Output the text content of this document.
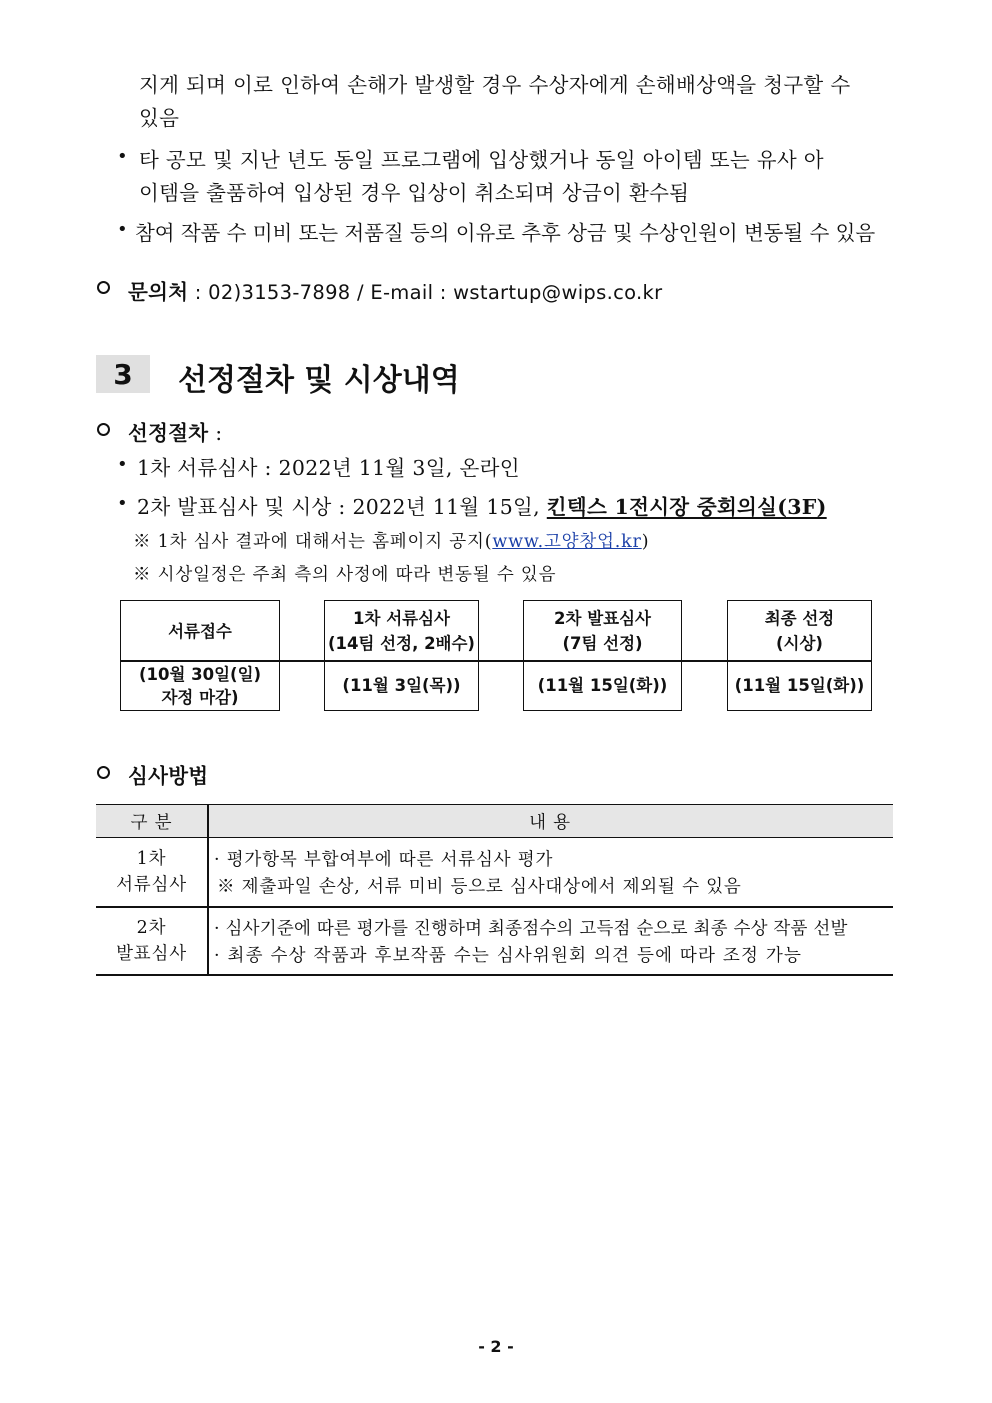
지게 되며 이로 인하여 손해가 발생할 경우 수상자에게 손해배상액을 청구할 수
있음
• 타 공모 및 지난 년도 동일 프로그램에 입상했거나 동일 아이템 또는 유사 아
이템을 출품하여 입상된 경우 입상이 취소되며 상금이 환수됨
• 참여 작품 수 미비 또는 저품질 등의 이유로 추후 상금 및 수상인원이 변동될 수 있음
문의처 : 02)3153-7898 / E-mail : wstartup@wips.co.kr
3	선정절차 및 시상내역
선정절차 :
• 1차 서류심사 : 2022년 11월 3일, 온라인
• 2차 발표심사 및 시상 : 2022년 11월 15일, 킨텍스 1전시장 중회의실(3F)
※ 1차 심사 결과에 대해서는 홈페이지 공지(www.고양창업.kr)
※ 시상일정은 주최 측의 사정에 따라 변동될 수 있음
서류접수
(10월 30일(일)
자정 마감)
1차 서류심사
(14팀 선정, 2배수)
(11월 3일(목))
2차 발표심사
(7팀 선정)
(11월 15일(화))
최종 선정
(시상)
(11월 15일(화))
심사방법
구 분	내 용
1차
서류심사
· 평가항목 부합여부에 따른 서류심사 평가
※ 제출파일 손상, 서류 미비 등으로 심사대상에서 제외될 수 있음
2차
발표심사
· 심사기준에 따른 평가를 진행하며 최종점수의 고득점 순으로 최종 수상 작품 선발
· 최종 수상 작품과 후보작품 수는 심사위원회 의견 등에 따라 조정 가능
- 2 -
